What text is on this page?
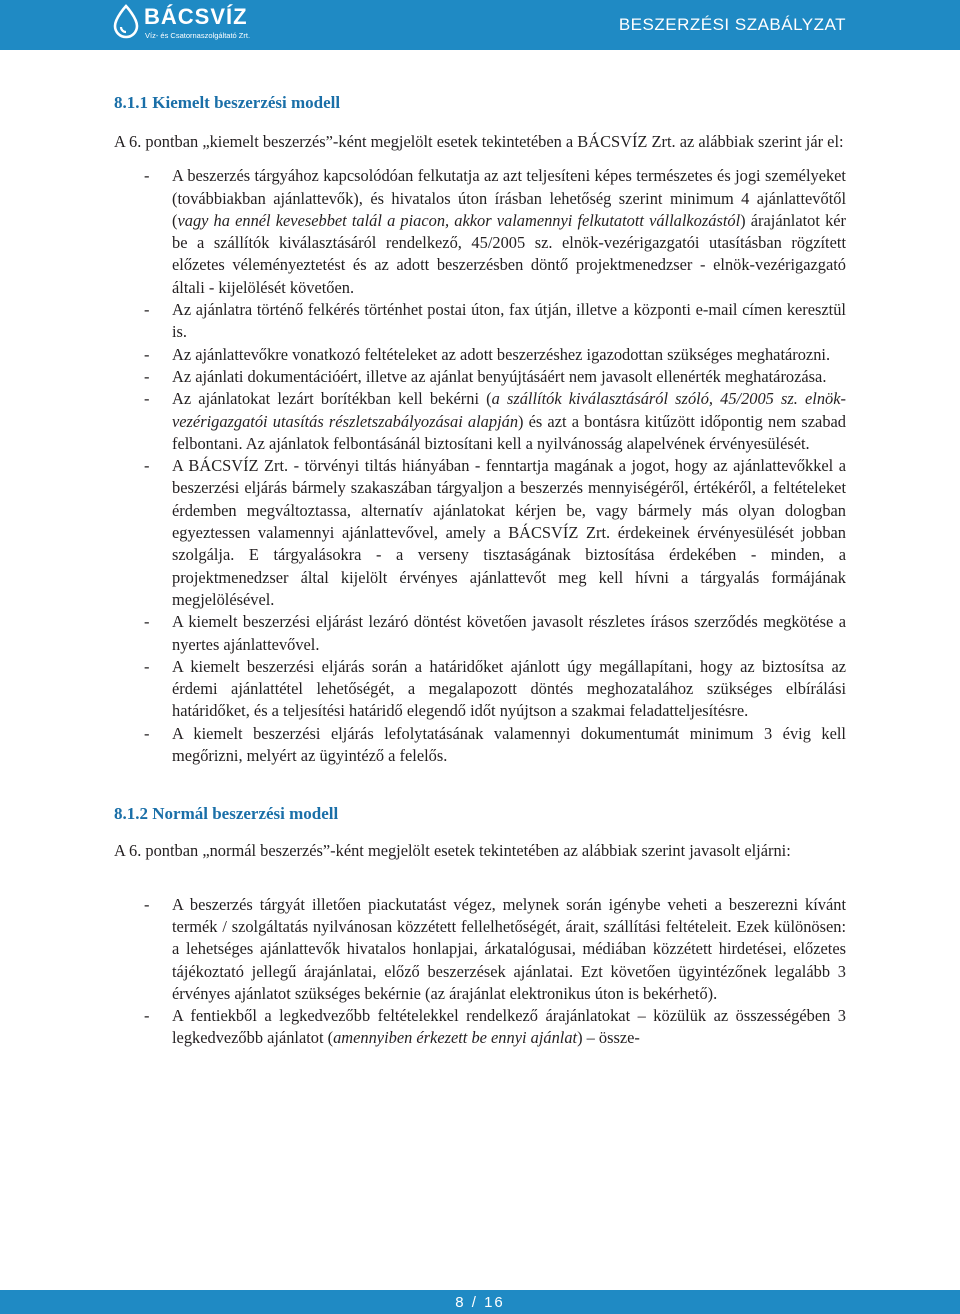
BÁCSVÍZ
Víz- és Csatornaszolgáltató Zrt.
BESZERZÉSI SZABÁLYZAT
8.1.1 Kiemelt beszerzési modell

A 6. pontban „kiemelt beszerzés”-ként megjelölt esetek tekintetében a BÁCSVÍZ Zrt. az alábbiak szerint jár el:

- A beszerzés tárgyához kapcsolódóan felkutatja az azt teljesíteni képes természetes és jogi személyeket (továbbiakban ajánlattevők), és hivatalos úton írásban lehetőség szerint minimum 4 ajánlattevőtől (vagy ha ennél kevesebbet talál a piacon, akkor valamennyi felkutatott vállalkozástól) árajánlatot kér be a szállítók kiválasztásáról rendelkező, 45/2005 sz. elnök-vezérigazgatói utasításban rögzített előzetes véleményeztetést és az adott beszerzésben döntő projektmenedzser - elnök-vezérigazgató általi - kijelölését követően.
- Az ajánlatra történő felkérés történhet postai úton, fax útján, illetve a központi e-mail címen keresztül is.
- Az ajánlattevőkre vonatkozó feltételeket az adott beszerzéshez igazodottan szükséges meghatározni.
- Az ajánlati dokumentációért, illetve az ajánlat benyújtásáért nem javasolt ellenérték meghatározása.
- Az ajánlatokat lezárt borítékban kell bekérni (a szállítók kiválasztásáról szóló, 45/2005 sz. elnök-vezérigazgatói utasítás részletszabályozásai alapján) és azt a bontásra kitűzött időpontig nem szabad felbontani. Az ajánlatok felbontásánál biztosítani kell a nyilvánosság alapelvének érvényesülését.
- A BÁCSVÍZ Zrt. - törvényi tiltás hiányában - fenntartja magának a jogot, hogy az ajánlattevőkkel a beszerzési eljárás bármely szakaszában tárgyaljon a beszerzés mennyiségéről, értékéről, a feltételeket érdemben megváltoztassa, alternatív ajánlatokat kérjen be, vagy bármely más olyan dologban egyeztessen valamennyi ajánlattevővel, amely a BÁCSVÍZ Zrt. érdekeinek érvényesülését jobban szolgálja. E tárgyalásokra - a verseny tisztaságának biztosítása érdekében - minden, a projektmenedzser által kijelölt érvényes ajánlattevőt meg kell hívni a tárgyalás formájának megjelölésével.
- A kiemelt beszerzési eljárást lezáró döntést követően javasolt részletes írásos szerződés megkötése a nyertes ajánlattevővel.
- A kiemelt beszerzési eljárás során a határidőket ajánlott úgy megállapítani, hogy az biztosítsa az érdemi ajánlattétel lehetőségét, a megalapozott döntés meghozatalához szükséges elbírálási határidőket, és a teljesítési határidő elegendő időt nyújtson a szakmai feladatteljesítésre.
- A kiemelt beszerzési eljárás lefolytatásának valamennyi dokumentumát minimum 3 évig kell megőrizni, melyért az ügyintéző a felelős.
8.1.2 Normál beszerzési modell

A 6. pontban „normál beszerzés”-ként megjelölt esetek tekintetében az alábbiak szerint javasolt eljárni:

- A beszerzés tárgyát illetően piackutatást végez, melynek során igénybe veheti a beszerezni kívánt termék / szolgáltatás nyilvánosan közzétett fellelhetőségét, árait, szállítási feltételeit. Ezek különösen: a lehetséges ajánlattevők hivatalos honlapjai, árkatalógusai, médiában közzétett hirdetései, előzetes tájékoztató jellegű árajánlatai, előző beszerzések ajánlatai. Ezt követően ügyintézőnek legalább 3 érvényes ajánlatot szükséges bekérnie (az árajánlat elektronikus úton is bekérhető).
- A fentiekből a legkedvezőbb feltételekkel rendelkező árajánlatokat – közülük az összességében 3 legkedvezőbb ajánlatot (amennyiben érkezett be ennyi ajánlat) – össze-
8 / 16
